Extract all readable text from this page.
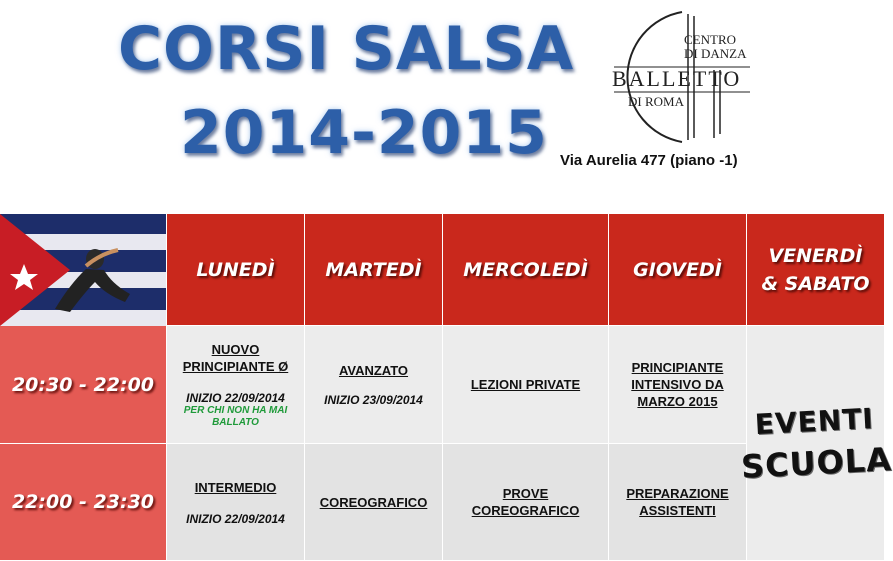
CORSI SALSA
2014-2015
CENTRO
DI DANZA
BALLETTO
DI ROMA
Via Aurelia 477 (piano -1)
LUNEDÌ	MARTEDÌ MERCOLEDÌ GIOVEDÌ
VENERDÌ & SABATO
20:30 - 22:00
22:00 - 23:30
NUOVO PRINCIPIANTE Ø
INIZIO 22/09/2014
PER CHI NON HA MAI BALLATO
AVANZATO
INIZIO 23/09/2014
LEZIONI PRIVATE
PRINCIPIANTE INTENSIVO DA MARZO 2015
INTERMEDIO
INIZIO 22/09/2014
COREOGRAFICO
PROVE COREOGRAFICO
PREPARAZIONE ASSISTENTI
EVENTI
SCUOLA
